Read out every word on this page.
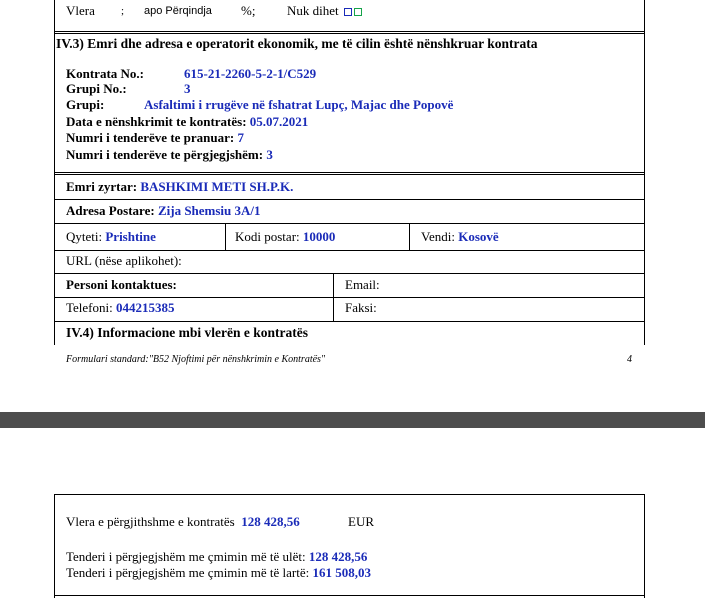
Vlera ; apo Përqindja %; Nuk dihet
IV.3) Emri dhe adresa e operatorit ekonomik, me të cilin është nënshkruar kontrata
Kontrata No.:	615-21-2260-5-2-1/C529
Grupi No.:	3
Grupi:	Asfaltimi i rrugëve në fshatrat Lupç, Majac dhe Popovë
Data e nënshkrimit te kontratës: 05.07.2021
Numri i tenderëve te pranuar: 7
Numri i tenderëve te përgjegjshëm: 3
Emri zyrtar: BASHKIMI METI SH.P.K.
Adresa Postare: Zija Shemsiu 3A/1
Qyteti: Prishtine	Kodi postar: 10000	Vendi: Kosovë
URL (nëse aplikohet):
Personi kontaktues:	Email:
Telefoni: 044215385	Faksi:
IV.4) Informacione mbi vlerën e kontratës
Formulari standard:"B52 Njoftimi për nënshkrimin e Kontratës"	4
Vlera e përgjithshme e kontratës 128 428,56	EUR
Tenderi i përgjegjshëm me çmimin më të ulët: 128 428,56
Tenderi i përgjegjshëm me çmimin më të lartë: 161 508,03
